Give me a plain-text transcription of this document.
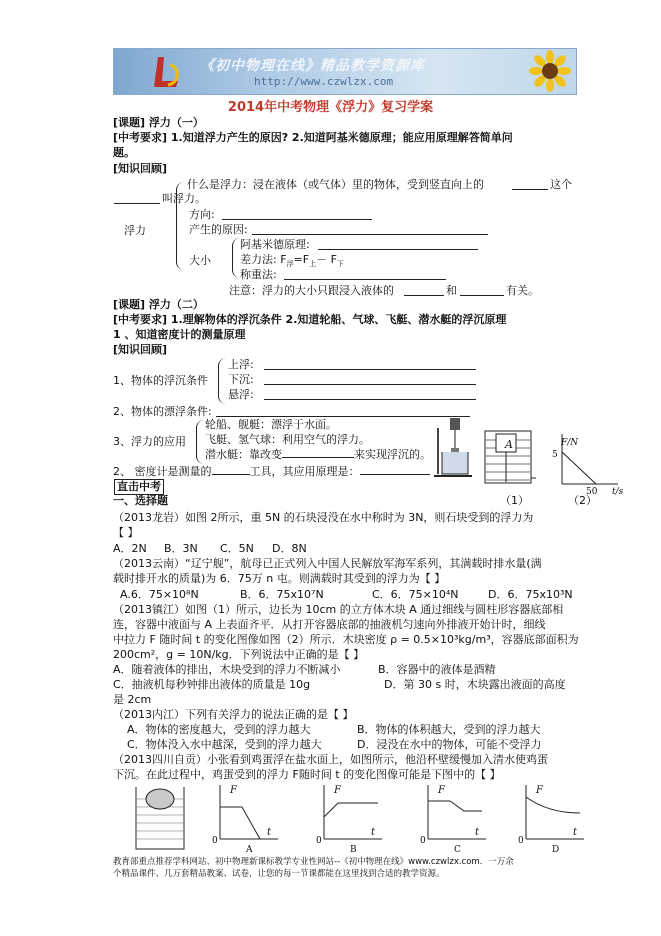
《初中物理在线》精品教学资源库
http://www.czwlzx.com
2014年中考物理《浮力》复习学案
[课题] 浮力（一）
[中考要求] 1.知道浮力产生的原因? 2.知道阿基米德原理；能应用原理解答简单问
题。
[知识回顾]
什么是浮力：浸在液体（或气体）里的物体，受到竖直向上的	这个
叫浮力。
浮力
方向:
产生的原因:
大小
阿基米德原理:
差力法: $F_浮=F_上- F_下$
称重法:
注意：浮力的大小只跟浸入液体的	和	有关。
[课题] 浮力（二）
[中考要求] 1.理解物体的浮沉条件 2.知道轮船、气球、飞艇、潜水艇的浮沉原理
1 、知道密度计的测量原理
[知识回顾]
1、物体的浮沉条件
上浮:
下沉:
悬浮:
2、物体的漂浮条件:
3、浮力的应用
轮船、舰艇：漂浮于水面。
飞艇、氢气球：利用空气的浮力。
潜水艇：靠改变	来实现浮沉的。
2、 密度计是测量的	工具，其应用原理是：
A	F/N
5
50 t/s
（1）	（2）
直击中考
一、选择题
（2013龙岩）如图 2所示，重 5N 的石块浸没在水中称时为 3N，则石块受到的浮力为
【 】
A．2N B．3N C．5N D．8N
（2013云南）“辽宁舰”，航母已正式列入中国人民解放军海军系列，其满载时排水量(满
载时排开水的质量)为 6．75万 n 屯。则满载时其受到的浮力为【 】
A.6．75×10⁸N	B．6．75x10⁷N	C．6．75×10⁴N	D．6．75x10³N
（2013镇江）如图（1）所示，边长为 10cm 的立方体木块 A 通过细线与圆柱形容器底部相
连，容器中液面与 A 上表面齐平．从打开容器底部的抽液机匀速向外排液开始计时，细线
中拉力 F 随时间 t 的变化图像如图（2）所示．木块密度 ρ = 0.5×10³kg/m³，容器底部面积为
200cm²，g = 10N/kg．下列说法中正确的是【 】
A．随着液体的排出，木块受到的浮力不断减小	B．容器中的液体是酒精
C．抽液机每秒钟排出液体的质量是 10g	D．第 30 s 时，木块露出液面的高度
是 2cm
（2013内江）下列有关浮力的说法正确的是【 】
A．物体的密度越大，受到的浮力越大	B．物体的体积越大，受到的浮力越大
C．物体没入水中越深，受到的浮力越大	D．浸没在水中的物体，可能不受浮力
（2013四川自贡）小张看到鸡蛋浮在盐水面上，如图所示，他沿杯壁缓慢加入清水使鸡蛋
下沉。在此过程中，鸡蛋受到的浮力 F随时间 t 的变化图像可能是下图中的【 】
F	F	F	F
t	t	t	t
0	0	0	0
A	B	C	D
教育部重点推荐学科网站、初中物理新课标教学专业性网站--《初中物理在线》www.czwlzx.com．一万余
个精品课件、几万套精品教案、试卷，让您的每一节课都能在这里找到合适的教学资源。
